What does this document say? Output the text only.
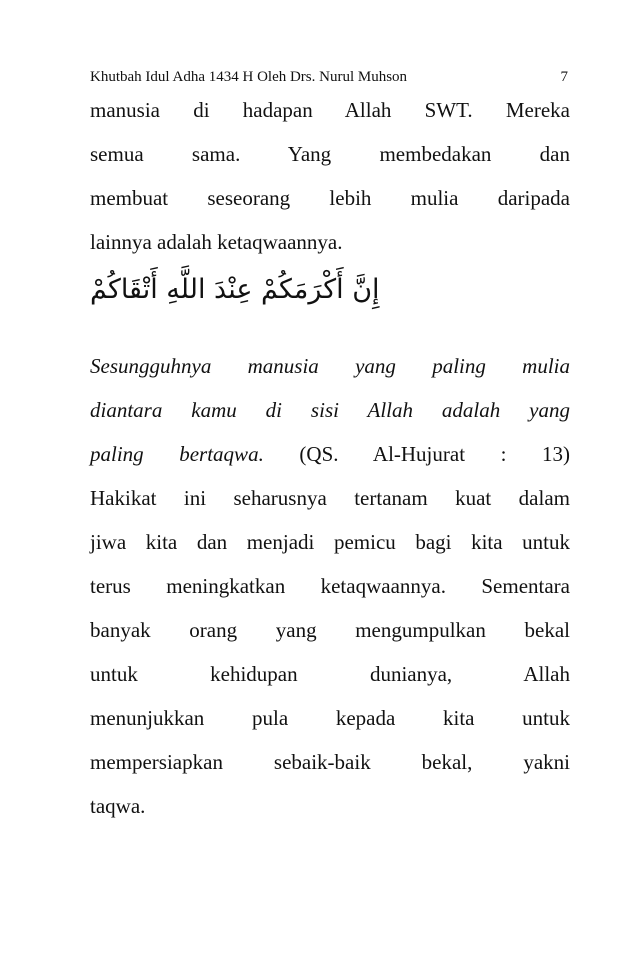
Khutbah Idul Adha 1434 H Oleh Drs. Nurul Muhson	7
manusia di hadapan Allah SWT. Mereka
semua sama. Yang membedakan dan
membuat seseorang lebih mulia daripada
lainnya adalah ketaqwaannya.
إِنَّ أَكْرَمَكُمْ عِنْدَ اللَّهِ أَتْقَاكُمْ
Sesungguhnya manusia yang paling mulia
diantara kamu di sisi Allah adalah yang
paling bertaqwa. (QS. Al-Hujurat : 13)
Hakikat ini seharusnya tertanam kuat dalam
jiwa kita dan menjadi pemicu bagi kita untuk
terus meningkatkan ketaqwaannya. Sementara
banyak orang yang mengumpulkan bekal
untuk kehidupan dunianya, Allah
menunjukkan pula kepada kita untuk
mempersiapkan sebaik-baik bekal, yakni
taqwa.
